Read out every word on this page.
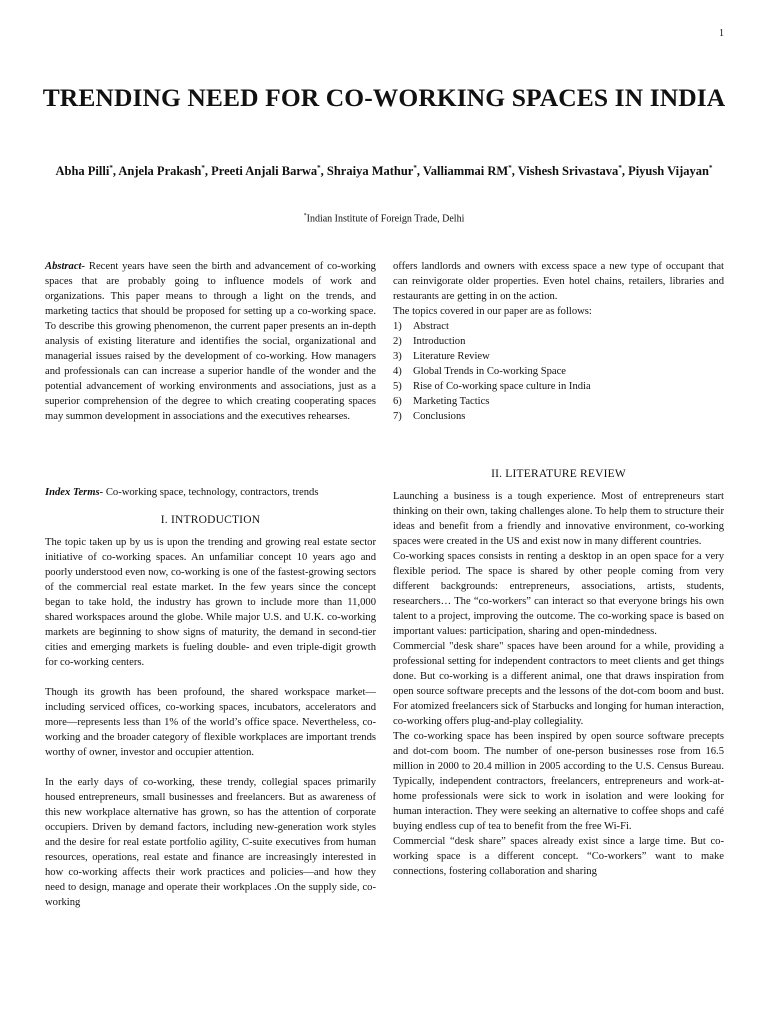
1
TRENDING NEED FOR CO-WORKING SPACES IN INDIA
Abha Pilli*, Anjela Prakash*, Preeti Anjali Barwa*, Shraiya Mathur*, Valliammai RM*, Vishesh Srivastava*, Piyush Vijayan*
*Indian Institute of Foreign Trade, Delhi

Abstract- Recent years have seen the birth and advancement of co-working spaces that are probably going to influence models of work and organizations. This paper means to through a light on the trends, and marketing tactics that should be proposed for setting up a co-working space. To describe this growing phenomenon, the current paper presents an in-depth analysis of existing literature and identifies the social, organizational and managerial issues raised by the development of co-working. How managers and professionals can can increase a superior handle of the wonder and the potential advancement of working environments and associations, just as a superior comprehension of the degree to which creating cooperating spaces may summon development in associations and the executives rehearses.

Index Terms- Co-working space, technology, contractors, trends

I. INTRODUCTION

The topic taken up by us is upon the trending and growing real estate sector initiative of co-working spaces. An unfamiliar concept 10 years ago and poorly understood even now, co-working is one of the fastest-growing sectors of the commercial real estate market. In the few years since the concept began to take hold, the industry has grown to include more than 11,000 shared workspaces around the globe. While major U.S. and U.K. co-working markets are beginning to show signs of maturity, the demand in second-tier cities and emerging markets is fueling double- and even triple-digit growth for co-working centers.

Though its growth has been profound, the shared workspace market—including serviced offices, co-working spaces, incubators, accelerators and more—represents less than 1% of the world’s office space. Nevertheless, co-working and the broader category of flexible workplaces are important trends worthy of owner, investor and occupier attention.

In the early days of co-working, these trendy, collegial spaces primarily housed entrepreneurs, small businesses and freelancers. But as awareness of this new workplace alternative has grown, so has the attention of corporate occupiers. Driven by demand factors, including new-generation work styles and the desire for real estate portfolio agility, C-suite executives from human resources, operations, real estate and finance are increasingly interested in how co-working affects their work practices and policies—and how they need to design, manage and operate their workplaces .On the supply side, co-working

offers landlords and owners with excess space a new type of occupant that can reinvigorate older properties. Even hotel chains, retailers, libraries and restaurants are getting in on the action.

The topics covered in our paper are as follows:

1) Abstract
2) Introduction
3) Literature Review
4) Global Trends in Co-working Space
5) Rise of Co-working space culture in India
6) Marketing Tactics
7) Conclusions

II. LITERATURE REVIEW

Launching a business is a tough experience. Most of entrepreneurs start thinking on their own, taking challenges alone. To help them to structure their ideas and benefit from a friendly and innovative environment, co-working spaces were created in the US and exist now in many different countries.

Co-working spaces consists in renting a desktop in an open space for a very flexible period. The space is shared by other people coming from very different backgrounds: entrepreneurs, associations, artists, students, researchers… The “co-workers” can interact so that everyone brings his own talent to a project, improving the outcome. The co-working space is based on important values: participation, sharing and open-mindedness.

Commercial "desk share" spaces have been around for a while, providing a professional setting for independent contractors to meet clients and get things done. But co-working is a different animal, one that draws inspiration from open source software precepts and the lessons of the dot-com boom and bust. For atomized freelancers sick of Starbucks and longing for human interaction, co-working offers plug-and-play collegiality.

The co-working space has been inspired by open source software precepts and dot-com boom. The number of one-person businesses rose from 16.5 million in 2000 to 20.4 million in 2005 according to the U.S. Census Bureau. Typically, independent contractors, freelancers, entrepreneurs and work-at-home professionals were sick to work in isolation and were looking for human interaction. They were seeking an alternative to coffee shops and café buying endless cup of tea to benefit from the free Wi-Fi.

Commercial “desk share” spaces already exist since a large time. But co-working space is a different concept. “Co-workers” want to make connections, fostering collaboration and sharing
